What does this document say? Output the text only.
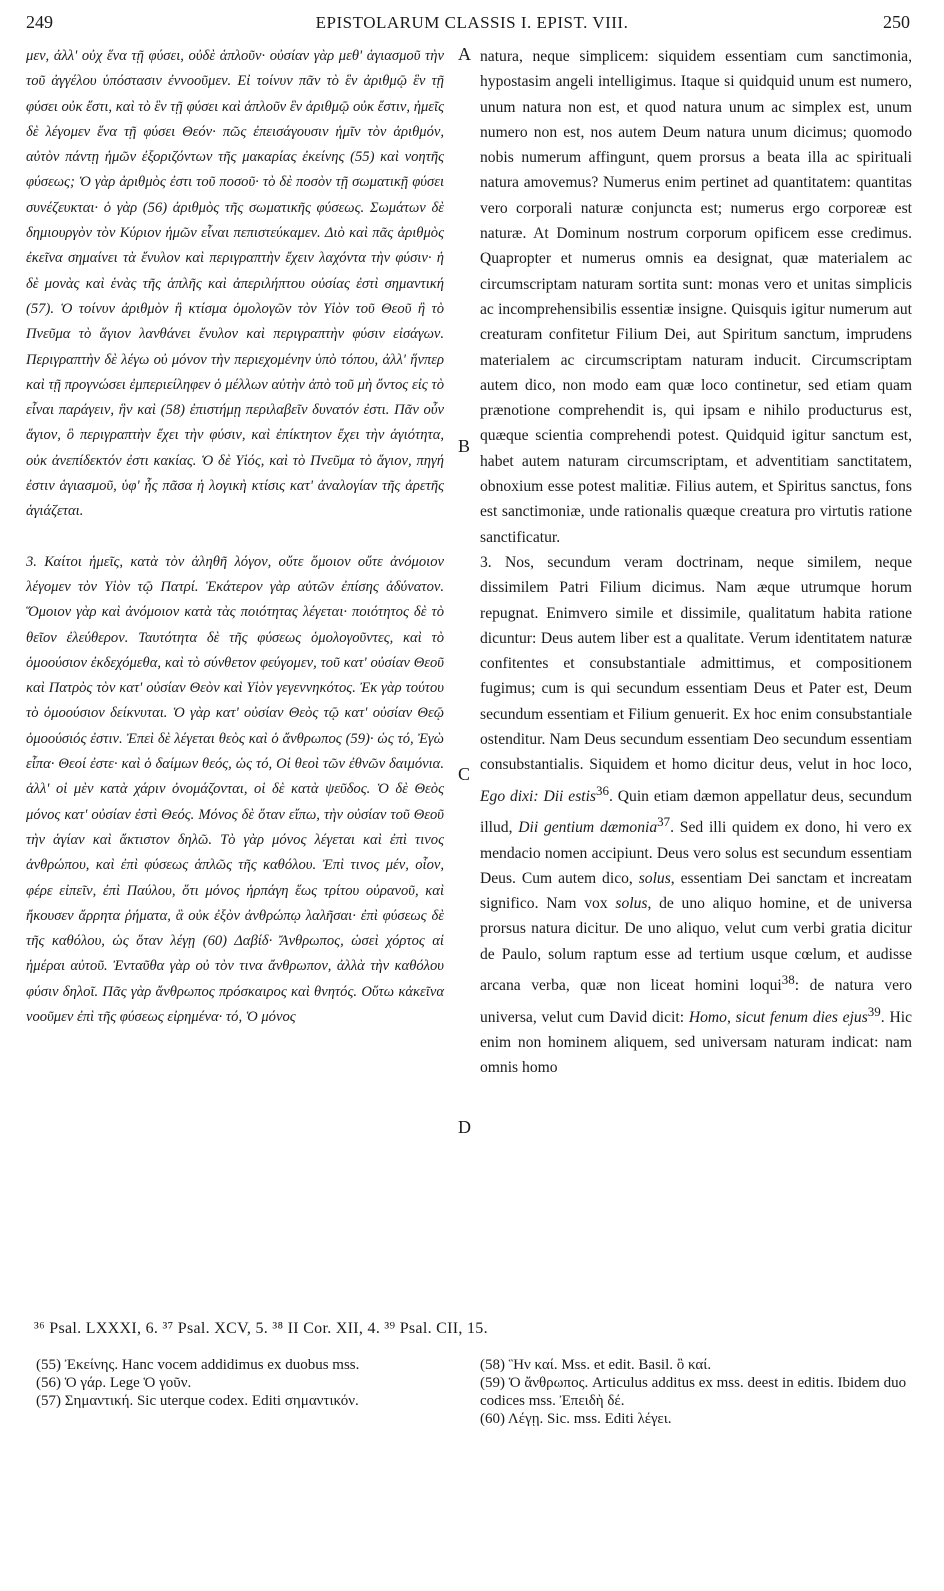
249	EPISTOLARUM CLASSIS I. EPIST. VIII.	250

μεν, ἀλλ' οὐχ ἕνα τῇ φύσει, οὐδὲ ἁπλοῦν· οὐσίαν γὰρ μεθ' ἁγιασμοῦ τὴν τοῦ ἀγγέλου ὑπόστασιν ἐννοοῦμεν. Εἰ τοίνυν πᾶν τὸ ἓν ἀριθμῷ ἓν τῇ φύσει οὐκ ἔστι, καὶ τὸ ἓν τῇ φύσει καὶ ἁπλοῦν ἓν ἀριθμῷ οὐκ ἔστιν, ἡμεῖς δὲ λέγομεν ἕνα τῇ φύσει Θεόν· πῶς ἐπεισάγουσιν ἡμῖν τὸν ἀριθμόν, αὐτὸν πάντῃ ἡμῶν ἐξοριζόντων τῆς μακαρίας ἐκείνης (55) καὶ νοητῆς φύσεως; Ὁ γὰρ ἀριθμὸς ἐστι τοῦ ποσοῦ· τὸ δὲ ποσὸν τῇ σωματικῇ φύσει συνέζευκται· ὁ γὰρ (56) ἀριθμὸς τῆς σωματικῆς φύσεως. Σωμάτων δὲ δημιουργὸν τὸν Κύριον ἡμῶν εἶναι πεπιστεύκαμεν. Διὸ καὶ πᾶς ἀριθμὸς ἐκεῖνα σημαίνει τὰ ἔνυλον καὶ περιγραπτὴν ἔχειν λαχόντα τὴν φύσιν· ἡ δὲ μονὰς καὶ ἑνὰς τῆς ἁπλῆς καὶ ἀπεριλήπτου οὐσίας ἐστὶ σημαντική (57). Ὁ τοίνυν ἀριθμὸν ἢ κτίσμα ὁμολογῶν τὸν Υἱὸν τοῦ Θεοῦ ἢ τὸ Πνεῦμα τὸ ἅγιον λανθάνει ἔνυλον καὶ περιγραπτὴν φύσιν εἰσάγων. Περιγραπτὴν δὲ λέγω οὐ μόνον τὴν περιεχομένην ὑπὸ τόπου, ἀλλ' ἥνπερ καὶ τῇ προγνώσει ἐμπεριείληφεν ὁ μέλλων αὐτὴν ἀπὸ τοῦ μὴ ὄντος εἰς τὸ εἶναι παράγειν, ἣν καὶ (58) ἐπιστήμῃ περιλαβεῖν δυνατόν ἐστι. Πᾶν οὖν ἅγιον, ὃ περιγραπτὴν ἔχει τὴν φύσιν, καὶ ἐπίκτητον ἔχει τὴν ἁγιότητα, οὐκ ἀνεπίδεκτόν ἐστι κακίας. Ὁ δὲ Υἱός, καὶ τὸ Πνεῦμα τὸ ἅγιον, πηγή ἐστιν ἁγιασμοῦ, ὑφ' ἧς πᾶσα ἡ λογικὴ κτίσις κατ' ἀναλογίαν τῆς ἀρετῆς ἁγιάζεται.

3. Καίτοι ἡμεῖς, κατὰ τὸν ἀληθῆ λόγον, οὔτε ὅμοιον οὔτε ἀνόμοιον λέγομεν τὸν Υἱὸν τῷ Πατρί. Ἑκάτερον γὰρ αὐτῶν ἐπίσης ἀδύνατον. Ὅμοιον γὰρ καὶ ἀνόμοιον κατὰ τὰς ποιότητας λέγεται· ποιότητος δὲ τὸ θεῖον ἐλεύθερον. Ταυτότητα δὲ τῆς φύσεως ὁμολογοῦντες, καὶ τὸ ὁμοούσιον ἐκδεχόμεθα, καὶ τὸ σύνθετον φεύγομεν, τοῦ κατ' οὐσίαν Θεοῦ καὶ Πατρὸς τὸν κατ' οὐσίαν Θεὸν καὶ Υἱὸν γεγεννηκότος. Ἐκ γὰρ τούτου τὸ ὁμοούσιον δείκνυται. Ὁ γὰρ κατ' οὐσίαν Θεὸς τῷ κατ' οὐσίαν Θεῷ ὁμοούσιός ἐστιν. Ἐπεὶ δὲ λέγεται θεὸς καὶ ὁ ἄνθρωπος (59)· ὡς τό, Ἐγὼ εἶπα· Θεοί ἐστε· καὶ ὁ δαίμων θεός, ὡς τό, Οἱ θεοὶ τῶν ἐθνῶν δαιμόνια. ἀλλ' οἱ μὲν κατὰ χάριν ὀνομάζονται, οἱ δὲ κατὰ ψεῦδος. Ὁ δὲ Θεὸς μόνος κατ' οὐσίαν ἐστὶ Θεός. Μόνος δὲ ὅταν εἴπω, τὴν οὐσίαν τοῦ Θεοῦ τὴν ἁγίαν καὶ ἄκτιστον δηλῶ. Τὸ γὰρ μόνος λέγεται καὶ ἐπὶ τινος ἀνθρώπου, καὶ ἐπὶ φύσεως ἁπλῶς τῆς καθόλου. Ἐπὶ τινος μέν, οἷον, φέρε εἰπεῖν, ἐπὶ Παύλου, ὅτι μόνος ἡρπάγη ἕως τρίτου οὐρανοῦ, καὶ ἤκουσεν ἄρρητα ῥήματα, ἃ οὐκ ἐξὸν ἀνθρώπῳ λαλῆσαι· ἐπὶ φύσεως δὲ τῆς καθόλου, ὡς ὅταν λέγῃ (60) Δαβίδ· Ἄνθρωπος, ὡσεὶ χόρτος αἱ ἡμέραι αὐτοῦ. Ἐνταῦθα γὰρ οὐ τὸν τινα ἄνθρωπον, ἀλλὰ τὴν καθόλου φύσιν δηλοῖ. Πᾶς γὰρ ἄνθρωπος πρόσκαιρος καὶ θνητός. Οὕτω κἀκεῖνα νοοῦμεν ἐπὶ τῆς φύσεως εἰρημένα· τό, Ὁ μόνος

A
B
C
D

natura, neque simplicem: siquidem essentiam cum sanctimonia, hypostasim angeli intelligimus. Itaque si quidquid unum est numero, unum natura non est, et quod natura unum ac simplex est, unum numero non est, nos autem Deum natura unum dicimus; quomodo nobis numerum affingunt, quem prorsus a beata illa ac spirituali natura amovemus? Numerus enim pertinet ad quantitatem: quantitas vero corporali naturæ conjuncta est; numerus ergo corporeæ est naturæ. At Dominum nostrum corporum opificem esse credimus. Quapropter et numerus omnis ea designat, quæ materialem ac circumscriptam naturam sortita sunt: monas vero et unitas simplicis ac incomprehensibilis essentiæ insigne. Quisquis igitur numerum aut creaturam confitetur Filium Dei, aut Spiritum sanctum, imprudens materialem ac circumscriptam naturam inducit. Circumscriptam autem dico, non modo eam quæ loco continetur, sed etiam quam prænotione comprehendit is, qui ipsam e nihilo producturus est, quæque scientia comprehendi potest. Quidquid igitur sanctum est, habet autem naturam circumscriptam, et adventitiam sanctitatem, obnoxium esse potest malitiæ. Filius autem, et Spiritus sanctus, fons est sanctimoniæ, unde rationalis quæque creatura pro virtutis ratione sanctificatur.

3. Nos, secundum veram doctrinam, neque similem, neque dissimilem Patri Filium dicimus. Nam æque utrumque horum repugnat. Enimvero simile et dissimile, qualitatum habita ratione dicuntur: Deus autem liber est a qualitate. Verum identitatem naturæ confitentes et consubstantiale admittimus, et compositionem fugimus; cum is qui secundum essentiam Deus et Pater est, Deum secundum essentiam et Filium genuerit. Ex hoc enim consubstantiale ostenditur. Nam Deus secundum essentiam Deo secundum essentiam consubstantialis. Siquidem et homo dicitur deus, velut in hoc loco, Ego dixi: Dii estis$^{36}$. Quin etiam dæmon appellatur deus, secundum illud, Dii gentium dæmonia$^{37}$. Sed illi quidem ex dono, hi vero ex mendacio nomen accipiunt. Deus vero solus est secundum essentiam Deus. Cum autem dico, solus, essentiam Dei sanctam et increatam significo. Nam vox solus, de uno aliquo homine, et de universa prorsus natura dicitur. De uno aliquo, velut cum verbi gratia dicitur de Paulo, solum raptum esse ad tertium usque cœlum, et audisse arcana verba, quæ non liceat homini loqui$^{38}$: de natura vero universa, velut cum David dicit: Homo, sicut fenum dies ejus$^{39}$. Hic enim non hominem aliquem, sed universam naturam indicat: nam omnis homo

³⁶ Psal. LXXXI, 6. ³⁷ Psal. XCV, 5. ³⁸ II Cor. XII, 4. ³⁹ Psal. CII, 15.

(55) Ἐκείνης. Hanc vocem addidimus ex duobus mss.

(56) Ὁ γάρ. Lege Ὁ γοῦν.

(57) Σημαντική. Sic uterque codex. Editi σημαντικόν.

(58) Ἣν καί. Mss. et edit. Basil. ὃ καί.

(59) Ὁ ἄνθρωπος. Articulus additus ex mss. deest in editis. Ibidem duo codices mss. Ἐπειδὴ δέ.

(60) Λέγῃ. Sic. mss. Editi λέγει.
